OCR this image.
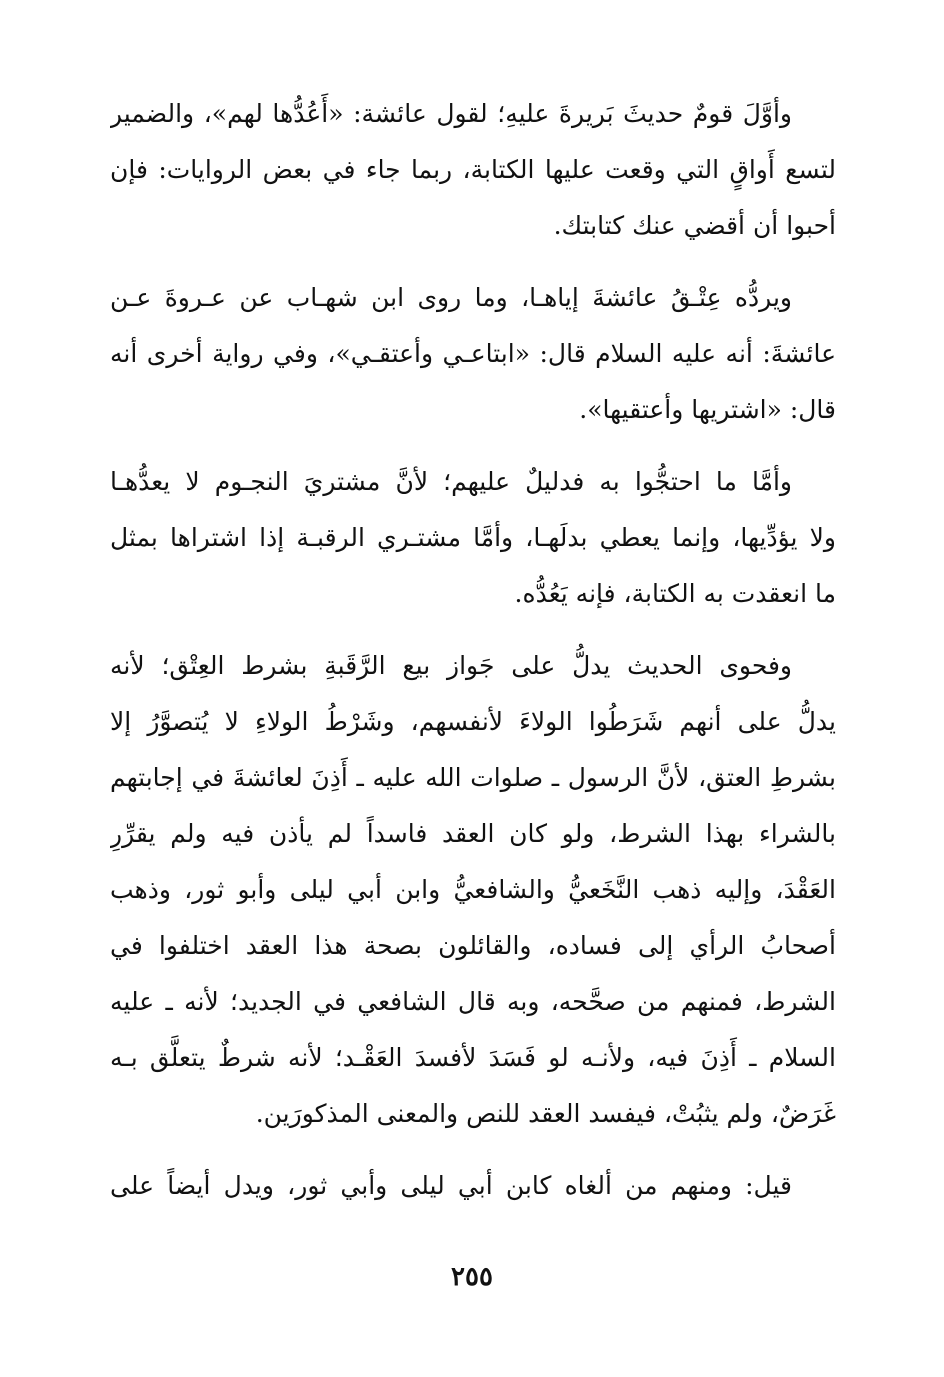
وأوَّلَ قومٌ حديثَ بَريرةَ عليهِ؛ لقول عائشة: «أَعُدُّها لهم»، والضمير
لتسع أَواقٍ التي وقعت عليها الكتابة، ربما جاء في بعض الروايات: فإن
أحبوا أن أقضي عنك كتابتك.
ويردُّه عِتْـقُ عائشةَ إياهـا، وما روى ابن شهـاب عن عـروةَ عـن
عائشةَ: أنه عليه السلام قال: «ابتاعـي وأعتقـي»، وفي رواية أخرى أنه
قال: «اشتريها وأعتقيها».
وأمَّا ما احتجُّوا به فدليلٌ عليهم؛ لأنَّ مشتريَ النجـوم لا يعدُّهـا
ولا يؤدِّيها، وإنما يعطي بدلَهـا، وأمَّا مشتـري الرقبـة إذا اشتراها بمثل
ما انعقدت به الكتابة، فإنه يَعُدُّه.
وفحوى الحديث يدلُّ على جَواز بيع الرَّقَبةِ بشرط العِتْق؛ لأنه
يدلُّ على أنهم شَرَطُوا الولاءَ لأنفسهم، وشَرْطُ الولاءِ لا يُتصوَّرُ إلا
بشرطِ العتق، لأنَّ الرسول ـ صلوات الله عليه ـ أَذِنَ لعائشةَ في إجابتهم
بالشراء بهذا الشرط، ولو كان العقد فاسداً لم يأذن فيه ولم يقرِّرِ
العَقْدَ، وإليه ذهب النَّخَعيُّ والشافعيُّ وابن أبي ليلى وأبو ثور، وذهب
أصحابُ الرأي إلى فساده، والقائلون بصحة هذا العقد اختلفوا في
الشرط، فمنهم من صحَّحه، وبه قال الشافعي في الجديد؛ لأنه ـ عليه
السلام ـ أَذِنَ فيه، ولأنـه لو فَسَدَ لأفسدَ العَقْـد؛ لأنه شرطٌ يتعلَّق بـه
غَرَضٌ، ولم يثبُتْ، فيفسد العقد للنص والمعنى المذكورَين.
قيل: ومنهم من ألغاه كابن أبي ليلى وأبي ثور، ويدل أيضاً على
٢٥٥
